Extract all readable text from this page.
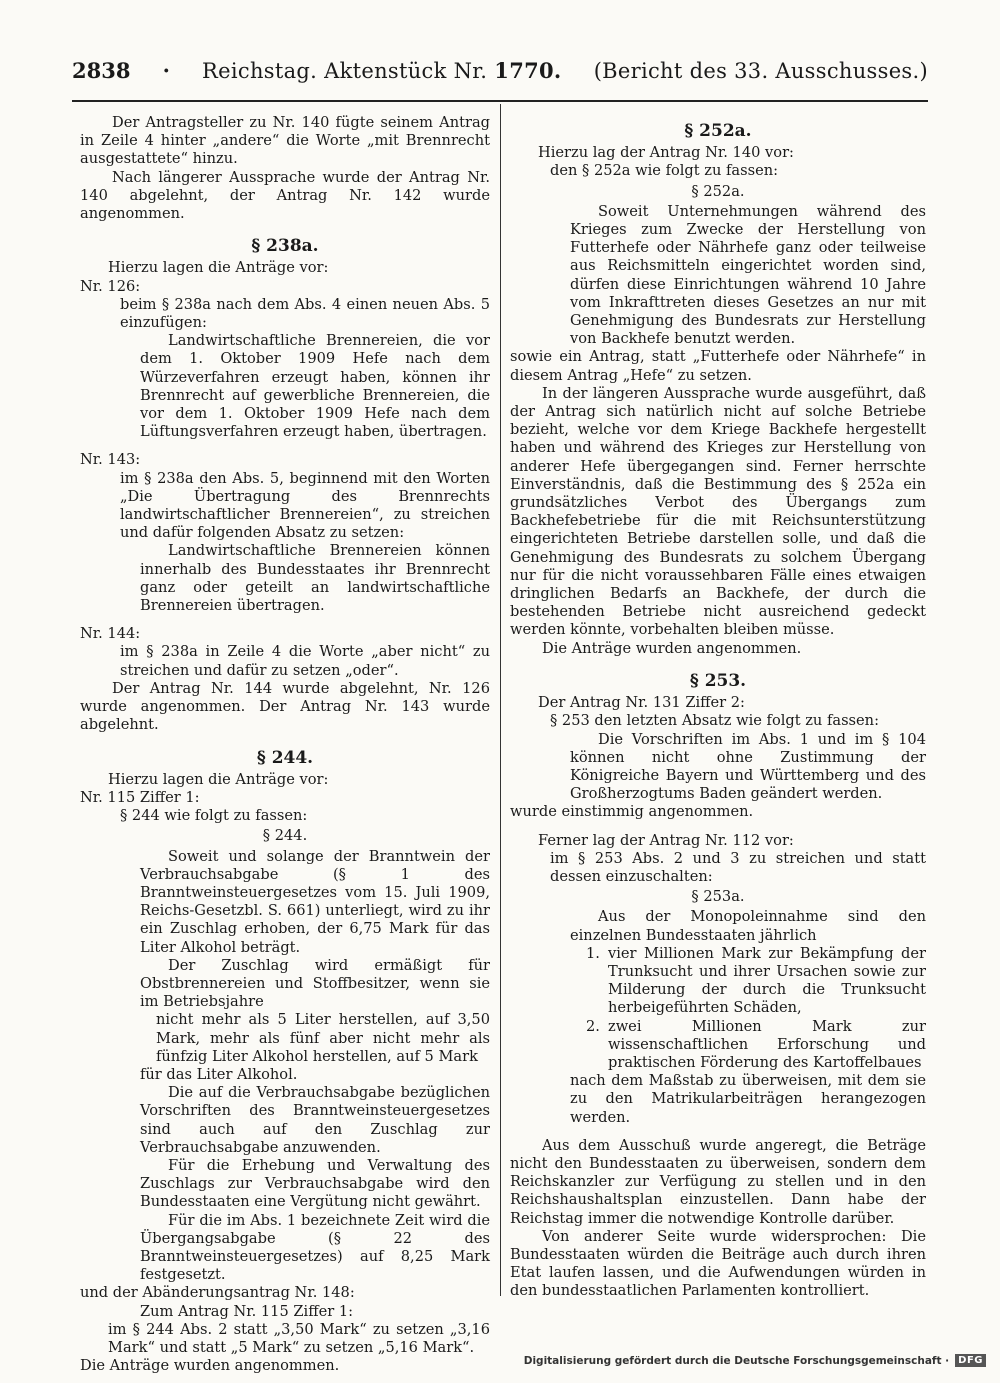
2838 · Reichstag. Aktenstück Nr. 1770. (Bericht des 33. Ausschusses.)

Der Antragsteller zu Nr. 140 fügte seinem Antrag in Zeile 4 hinter „andere“ die Worte „mit Brennrecht ausgestattete“ hinzu.

Nach längerer Aussprache wurde der Antrag Nr. 140 abgelehnt, der Antrag Nr. 142 wurde angenommen.

§ 238a.

Hierzu lagen die Anträge vor:

Nr. 126:

beim § 238a nach dem Abs. 4 einen neuen Abs. 5 einzufügen:

Landwirtschaftliche Brennereien, die vor dem 1. Oktober 1909 Hefe nach dem Würzeverfahren erzeugt haben, können ihr Brennrecht auf gewerbliche Brennereien, die vor dem 1. Oktober 1909 Hefe nach dem Lüftungsverfahren erzeugt haben, übertragen.

Nr. 143:

im § 238a den Abs. 5, beginnend mit den Worten „Die Übertragung des Brennrechts landwirtschaftlicher Brennereien“, zu streichen und dafür folgenden Absatz zu setzen:

Landwirtschaftliche Brennereien können innerhalb des Bundesstaates ihr Brennrecht ganz oder geteilt an landwirtschaftliche Brennereien übertragen.

Nr. 144:

im § 238a in Zeile 4 die Worte „aber nicht“ zu streichen und dafür zu setzen „oder“.

Der Antrag Nr. 144 wurde abgelehnt, Nr. 126 wurde angenommen. Der Antrag Nr. 143 wurde abgelehnt.

§ 244.

Hierzu lagen die Anträge vor:

Nr. 115 Ziffer 1:

§ 244 wie folgt zu fassen:

§ 244.

Soweit und solange der Branntwein der Verbrauchsabgabe (§ 1 des Branntweinsteuergesetzes vom 15. Juli 1909, Reichs-Gesetzbl. S. 661) unterliegt, wird zu ihr ein Zuschlag erhoben, der 6,75 Mark für das Liter Alkohol beträgt.

Der Zuschlag wird ermäßigt für Obstbrennereien und Stoffbesitzer, wenn sie im Betriebsjahre

nicht mehr als 5 Liter herstellen, auf 3,50 Mark, mehr als fünf aber nicht mehr als fünfzig Liter Alkohol herstellen, auf 5 Mark

für das Liter Alkohol.

Die auf die Verbrauchsabgabe bezüglichen Vorschriften des Branntweinsteuergesetzes sind auch auf den Zuschlag zur Verbrauchsabgabe anzuwenden.

Für die Erhebung und Verwaltung des Zuschlags zur Verbrauchsabgabe wird den Bundesstaaten eine Vergütung nicht gewährt.

Für die im Abs. 1 bezeichnete Zeit wird die Übergangsabgabe (§ 22 des Branntweinsteuergesetzes) auf 8,25 Mark festgesetzt.

und der Abänderungsantrag Nr. 148:

Zum Antrag Nr. 115 Ziffer 1:

im § 244 Abs. 2 statt „3,50 Mark“ zu setzen „3,16 Mark“ und statt „5 Mark“ zu setzen „5,16 Mark“.

Die Anträge wurden angenommen.

§ 252a.

Hierzu lag der Antrag Nr. 140 vor:

den § 252a wie folgt zu fassen:

§ 252a.

Soweit Unternehmungen während des Krieges zum Zwecke der Herstellung von Futterhefe oder Nährhefe ganz oder teilweise aus Reichsmitteln eingerichtet worden sind, dürfen diese Einrichtungen während 10 Jahre vom Inkrafttreten dieses Gesetzes an nur mit Genehmigung des Bundesrats zur Herstellung von Backhefe benutzt werden.

sowie ein Antrag, statt „Futterhefe oder Nährhefe“ in diesem Antrag „Hefe“ zu setzen.

In der längeren Aussprache wurde ausgeführt, daß der Antrag sich natürlich nicht auf solche Betriebe bezieht, welche vor dem Kriege Backhefe hergestellt haben und während des Krieges zur Herstellung von anderer Hefe übergegangen sind. Ferner herrschte Einverständnis, daß die Bestimmung des § 252a ein grundsätzliches Verbot des Übergangs zum Backhefebetriebe für die mit Reichsunterstützung eingerichteten Betriebe darstellen solle, und daß die Genehmigung des Bundesrats zu solchem Übergang nur für die nicht voraussehbaren Fälle eines etwaigen dringlichen Bedarfs an Backhefe, der durch die bestehenden Betriebe nicht ausreichend gedeckt werden könnte, vorbehalten bleiben müsse.

Die Anträge wurden angenommen.

§ 253.

Der Antrag Nr. 131 Ziffer 2:

§ 253 den letzten Absatz wie folgt zu fassen:

Die Vorschriften im Abs. 1 und im § 104 können nicht ohne Zustimmung der Königreiche Bayern und Württemberg und des Großherzogtums Baden geändert werden.

wurde einstimmig angenommen.

Ferner lag der Antrag Nr. 112 vor:

im § 253 Abs. 2 und 3 zu streichen und statt dessen einzuschalten:

§ 253a.

Aus der Monopoleinnahme sind den einzelnen Bundesstaaten jährlich

1. vier Millionen Mark zur Bekämpfung der Trunksucht und ihrer Ursachen sowie zur Milderung der durch die Trunksucht herbeigeführten Schäden,
2. zwei Millionen Mark zur wissenschaftlichen Erforschung und praktischen Förderung des Kartoffelbaues

nach dem Maßstab zu überweisen, mit dem sie zu den Matrikularbeiträgen herangezogen werden.

Aus dem Ausschuß wurde angeregt, die Beträge nicht den Bundesstaaten zu überweisen, sondern dem Reichskanzler zur Verfügung zu stellen und in den Reichshaushaltsplan einzustellen. Dann habe der Reichstag immer die notwendige Kontrolle darüber.

Von anderer Seite wurde widersprochen: Die Bundesstaaten würden die Beiträge auch durch ihren Etat laufen lassen, und die Aufwendungen würden in den bundesstaatlichen Parlamenten kontrolliert.

Digitalisierung gefördert durch die Deutsche Forschungsgemeinschaft · DFG
